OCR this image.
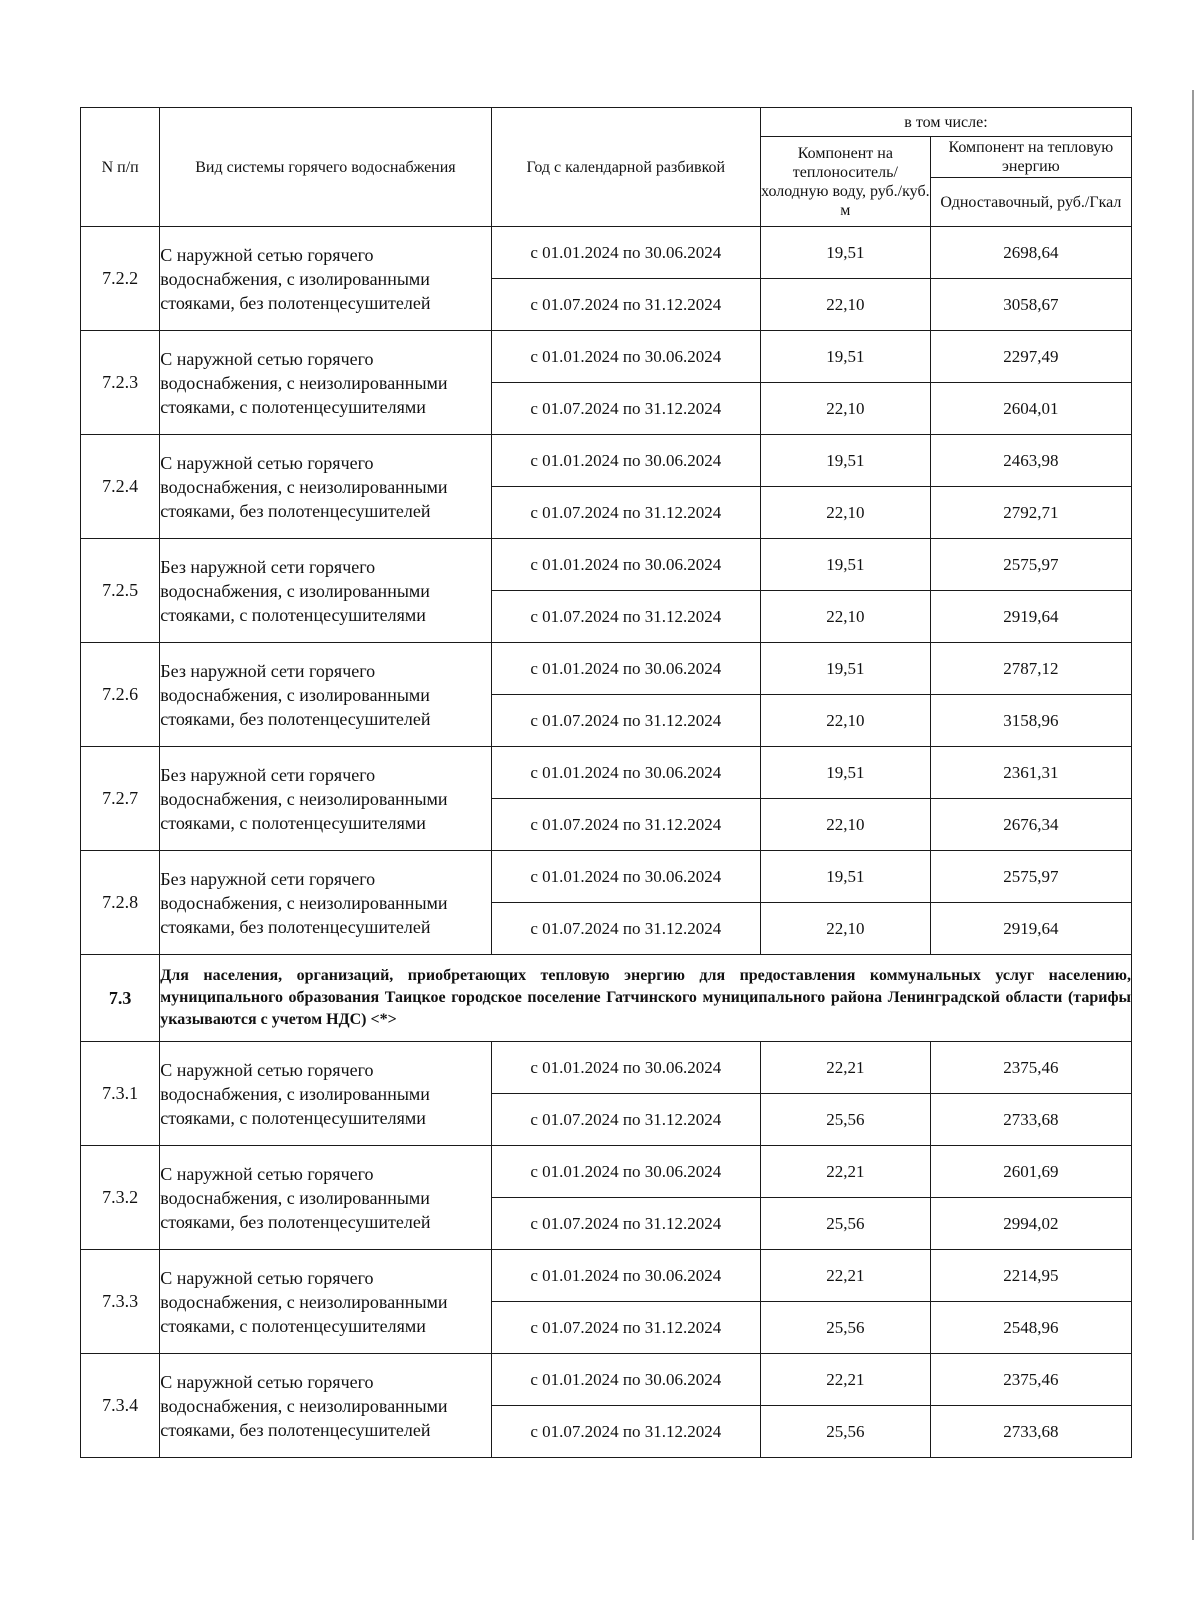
N п/п	Вид системы горячего водоснабжения	Год с календарной разбивкой	в том числе:	
			Компонент на теплоноситель/ холодную воду, руб./куб. м	Компонент на тепловую энергию
				Одноставочный, руб./Гкал
7.2.2	С наружной сетью горячего водоснабжения, с изолированными стояками, без полотенцесушителей	с 01.01.2024 по 30.06.2024	19,51	2698,64
		с 01.07.2024 по 31.12.2024	22,10	3058,67
7.2.3	С наружной сетью горячего водоснабжения, с неизолированными стояками, с полотенцесушителями	с 01.01.2024 по 30.06.2024	19,51	2297,49
		с 01.07.2024 по 31.12.2024	22,10	2604,01
7.2.4	С наружной сетью горячего водоснабжения, с неизолированными стояками, без полотенцесушителей	с 01.01.2024 по 30.06.2024	19,51	2463,98
		с 01.07.2024 по 31.12.2024	22,10	2792,71
7.2.5	Без наружной сети горячего водоснабжения, с изолированными стояками, с полотенцесушителями	с 01.01.2024 по 30.06.2024	19,51	2575,97
		с 01.07.2024 по 31.12.2024	22,10	2919,64
7.2.6	Без наружной сети горячего водоснабжения, с изолированными стояками, без полотенцесушителей	с 01.01.2024 по 30.06.2024	19,51	2787,12
		с 01.07.2024 по 31.12.2024	22,10	3158,96
7.2.7	Без наружной сети горячего водоснабжения, с неизолированными стояками, с полотенцесушителями	с 01.01.2024 по 30.06.2024	19,51	2361,31
		с 01.07.2024 по 31.12.2024	22,10	2676,34
7.2.8	Без наружной сети горячего водоснабжения, с неизолированными стояками, без полотенцесушителей	с 01.01.2024 по 30.06.2024	19,51	2575,97
		с 01.07.2024 по 31.12.2024	22,10	2919,64
7.3	Для населения, организаций, приобретающих тепловую энергию для предоставления коммунальных услуг населению, муниципального образования Таицкое городское поселение Гатчинского муниципального района Ленинградской области (тарифы указываются с учетом НДС) <*>			
7.3.1	С наружной сетью горячего водоснабжения, с изолированными стояками, с полотенцесушителями	с 01.01.2024 по 30.06.2024	22,21	2375,46
		с 01.07.2024 по 31.12.2024	25,56	2733,68
7.3.2	С наружной сетью горячего водоснабжения, с изолированными стояками, без полотенцесушителей	с 01.01.2024 по 30.06.2024	22,21	2601,69
		с 01.07.2024 по 31.12.2024	25,56	2994,02
7.3.3	С наружной сетью горячего водоснабжения, с неизолированными стояками, с полотенцесушителями	с 01.01.2024 по 30.06.2024	22,21	2214,95
		с 01.07.2024 по 31.12.2024	25,56	2548,96
7.3.4	С наружной сетью горячего водоснабжения, с неизолированными стояками, без полотенцесушителей	с 01.01.2024 по 30.06.2024	22,21	2375,46
		с 01.07.2024 по 31.12.2024	25,56	2733,68
